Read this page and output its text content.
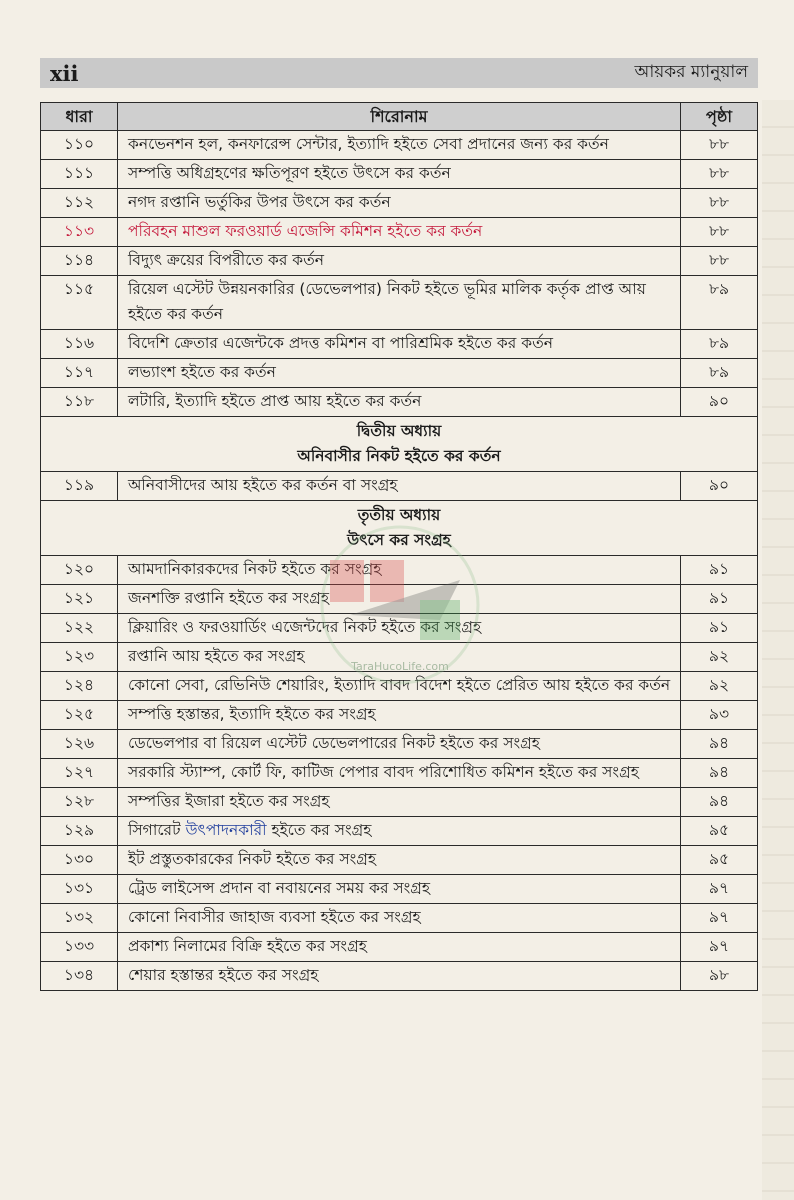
xii	আয়কর ম্যানুয়াল
ধারা	শিরোনাম	পৃষ্ঠা
১১০	কনভেনশন হল, কনফারেন্স সেন্টার, ইত্যাদি হইতে সেবা প্রদানের জন্য কর কর্তন	৮৮
১১১	সম্পত্তি অধিগ্রহণের ক্ষতিপূরণ হইতে উৎসে কর কর্তন	৮৮
১১২	নগদ রপ্তানি ভর্তুকির উপর উৎসে কর কর্তন	৮৮
১১৩	পরিবহন মাশুল ফরওয়ার্ড এজেন্সি কমিশন হইতে কর কর্তন	৮৮
১১৪	বিদ্যুৎ ক্রয়ের বিপরীতে কর কর্তন	৮৮
১১৫	রিয়েল এস্টেট উন্নয়নকারির (ডেভেলপার) নিকট হইতে ভূমির মালিক কর্তৃক প্রাপ্ত আয় হইতে কর কর্তন	৮৯
১১৬	বিদেশি ক্রেতার এজেন্টকে প্রদত্ত কমিশন বা পারিশ্রমিক হইতে কর কর্তন	৮৯
১১৭	লভ্যাংশ হইতে কর কর্তন	৮৯
১১৮	লটারি, ইত্যাদি হইতে প্রাপ্ত আয় হইতে কর কর্তন	৯০

দ্বিতীয় অধ্যায়
অনিবাসীর নিকট হইতে কর কর্তন		

১১৯	অনিবাসীদের আয় হইতে কর কর্তন বা সংগ্রহ	৯০

তৃতীয় অধ্যায়
উৎসে কর সংগ্রহ		

১২০	আমদানিকারকদের নিকট হইতে কর সংগ্রহ	৯১
১২১	জনশক্তি রপ্তানি হইতে কর সংগ্রহ	৯১
১২২	ক্লিয়ারিং ও ফরওয়ার্ডিং এজেন্টদের নিকট হইতে কর সংগ্রহ	৯১
১২৩	রপ্তানি আয় হইতে কর সংগ্রহ	৯২
১২৪	কোনো সেবা, রেভিনিউ শেয়ারিং, ইত্যাদি বাবদ বিদেশ হইতে প্রেরিত আয় হইতে কর কর্তন	৯২
১২৫	সম্পত্তি হস্তান্তর, ইত্যাদি হইতে কর সংগ্রহ	৯৩
১২৬	ডেভেলপার বা রিয়েল এস্টেট ডেভেলপারের নিকট হইতে কর সংগ্রহ	৯৪
১২৭	সরকারি স্ট্যাম্প, কোর্ট ফি, কাটিজ পেপার বাবদ পরিশোধিত কমিশন হইতে কর সংগ্রহ	৯৪
১২৮	সম্পত্তির ইজারা হইতে কর সংগ্রহ	৯৪
১২৯	সিগারেট উৎপাদনকারী হইতে কর সংগ্রহ	৯৫
১৩০	ইট প্রস্তুতকারকের নিকট হইতে কর সংগ্রহ	৯৫
১৩১	ট্রেড লাইসেন্স প্রদান বা নবায়নের সময় কর সংগ্রহ	৯৭
১৩২	কোনো নিবাসীর জাহাজ ব্যবসা হইতে কর সংগ্রহ	৯৭
১৩৩	প্রকাশ্য নিলামের বিক্রি হইতে কর সংগ্রহ	৯৭
১৩৪	শেয়ার হস্তান্তর হইতে কর সংগ্রহ	৯৮
TaraHucoLife.com
